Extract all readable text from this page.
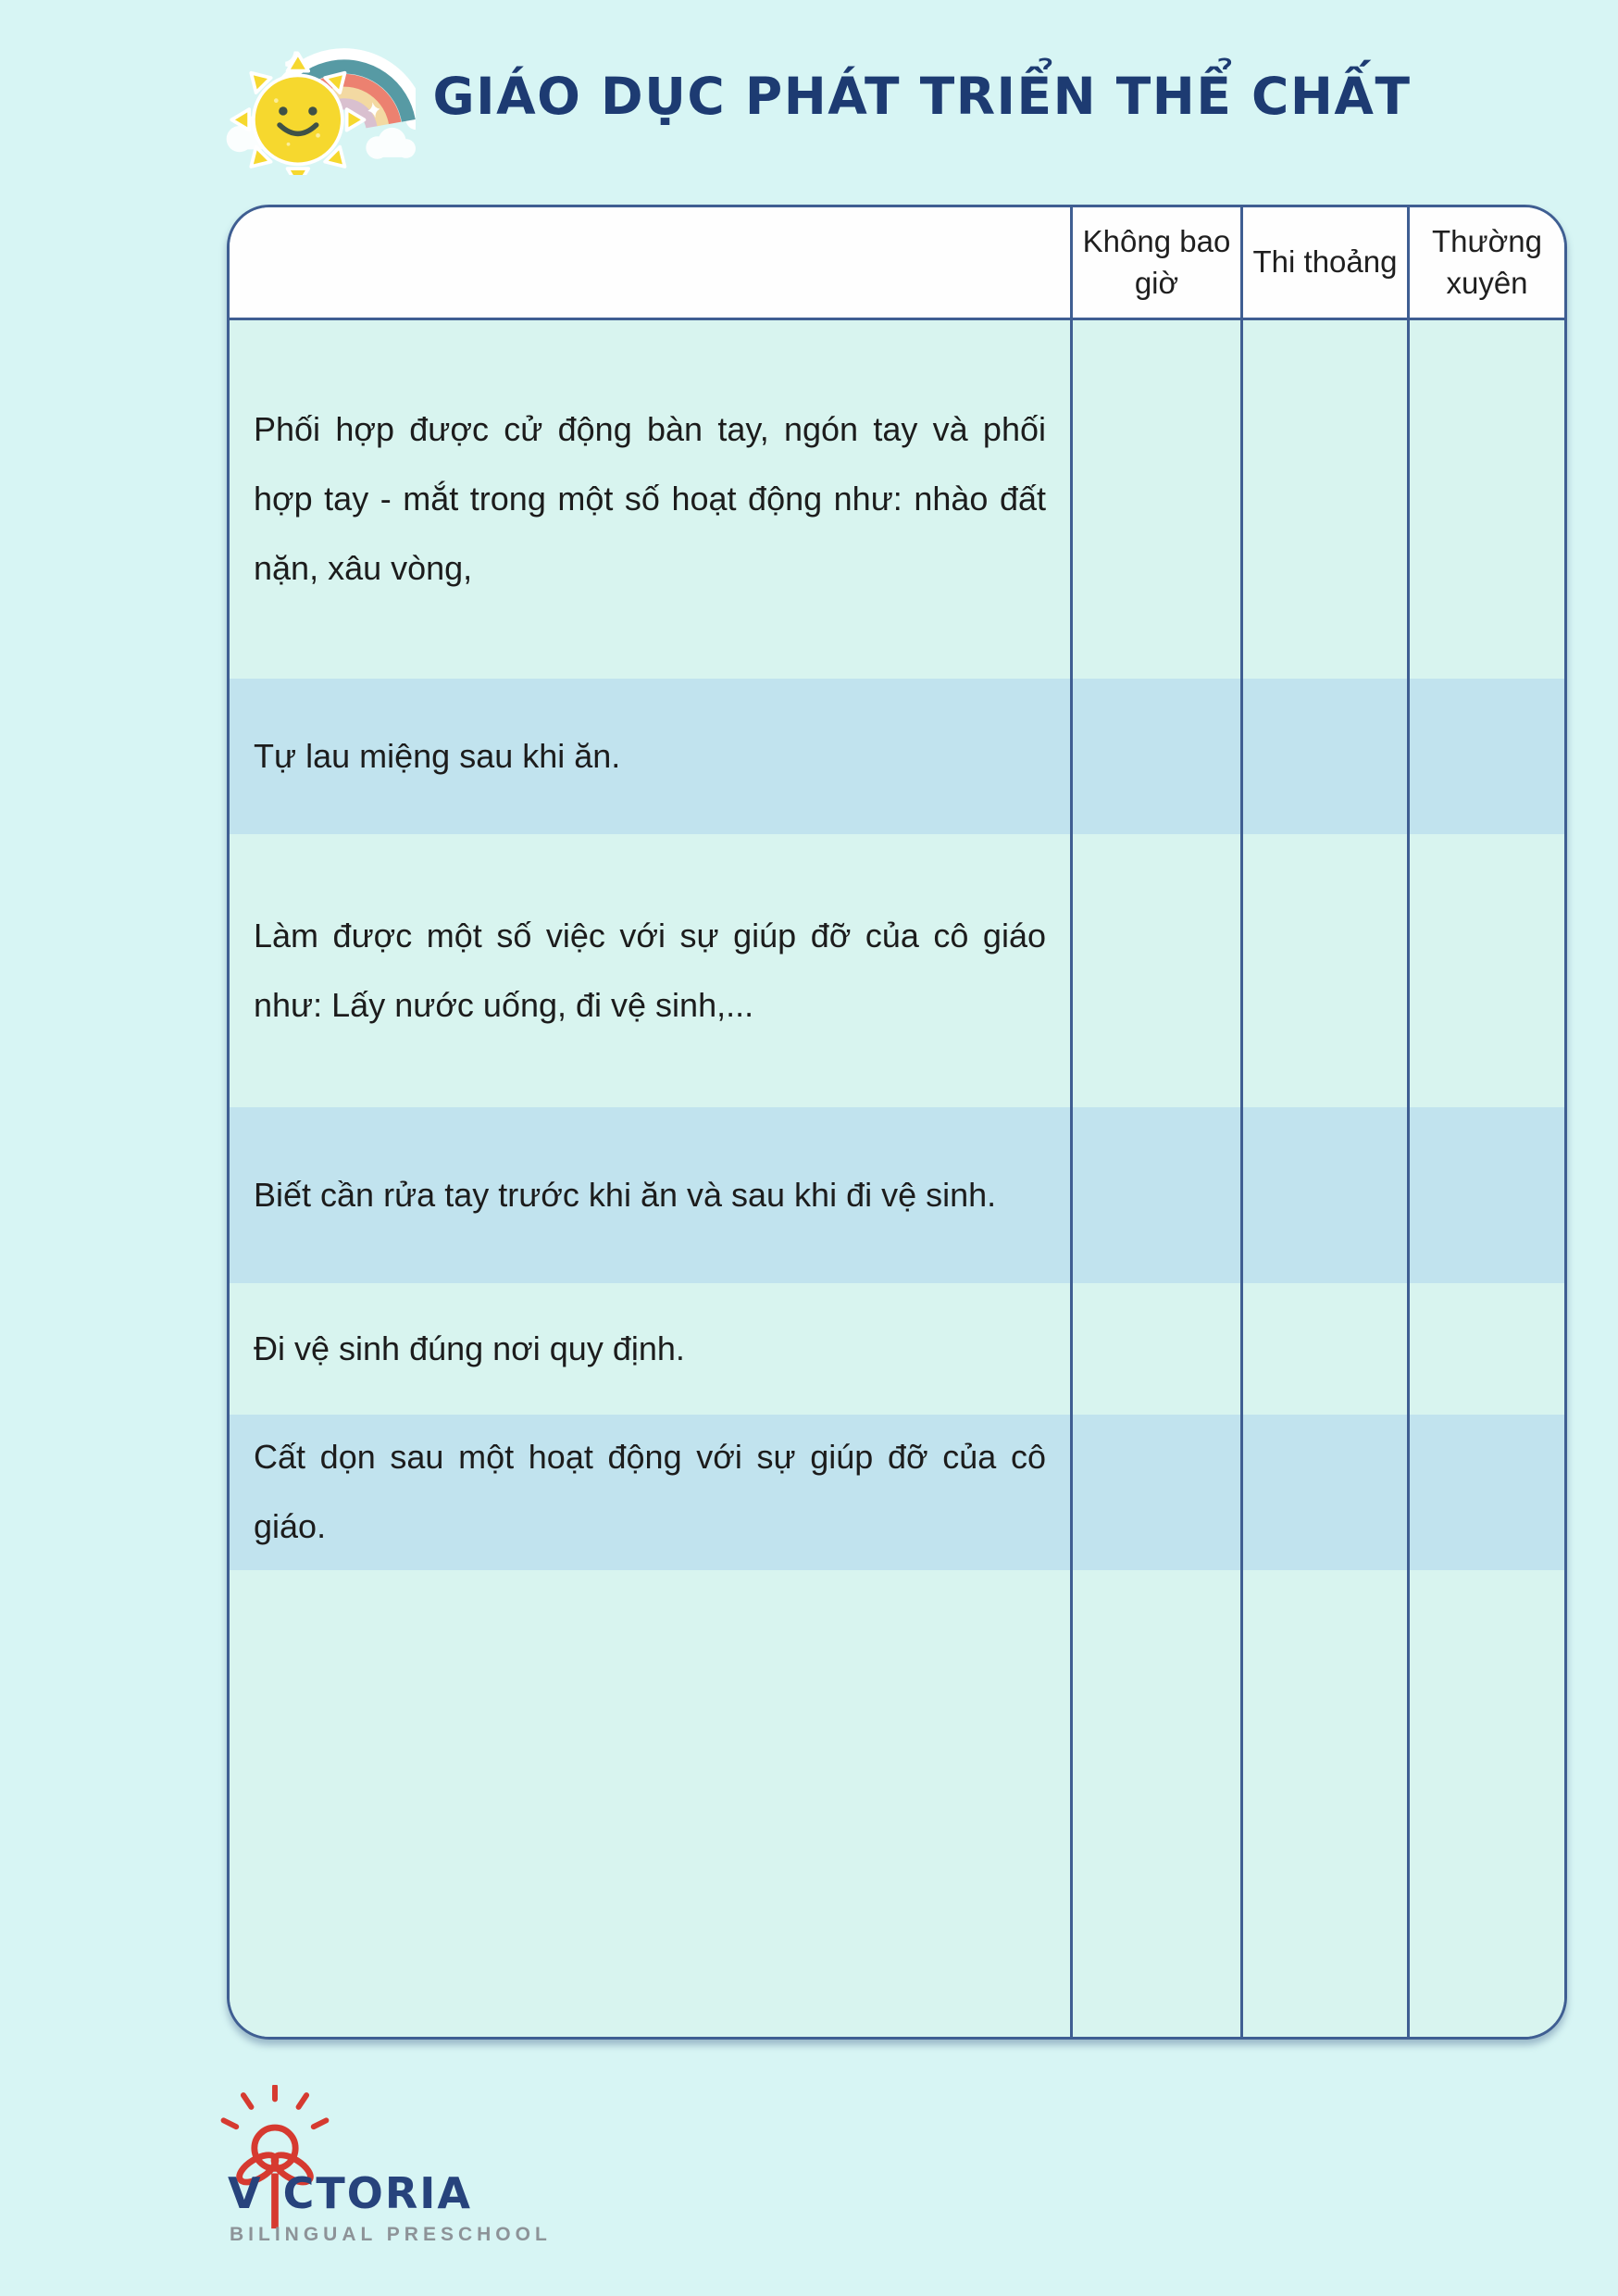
GIÁO DỤC PHÁT TRIỂN THỂ CHẤT
Không bao giờ
Thi thoảng
Thường xuyên
Phối hợp được cử động bàn tay, ngón tay và phối hợp tay - mắt trong một số hoạt động như: nhào đất nặn, xâu vòng,
Tự lau miệng sau khi ăn.
Làm được một số việc với sự giúp đỡ của cô giáo như: Lấy nước uống, đi vệ sinh,...
Biết cần rửa tay trước khi ăn và sau khi đi vệ sinh.
Đi vệ sinh đúng nơi quy định.
Cất dọn sau một hoạt động với sự giúp đỡ của cô giáo.
V CTORIA
BILINGUAL PRESCHOOL
